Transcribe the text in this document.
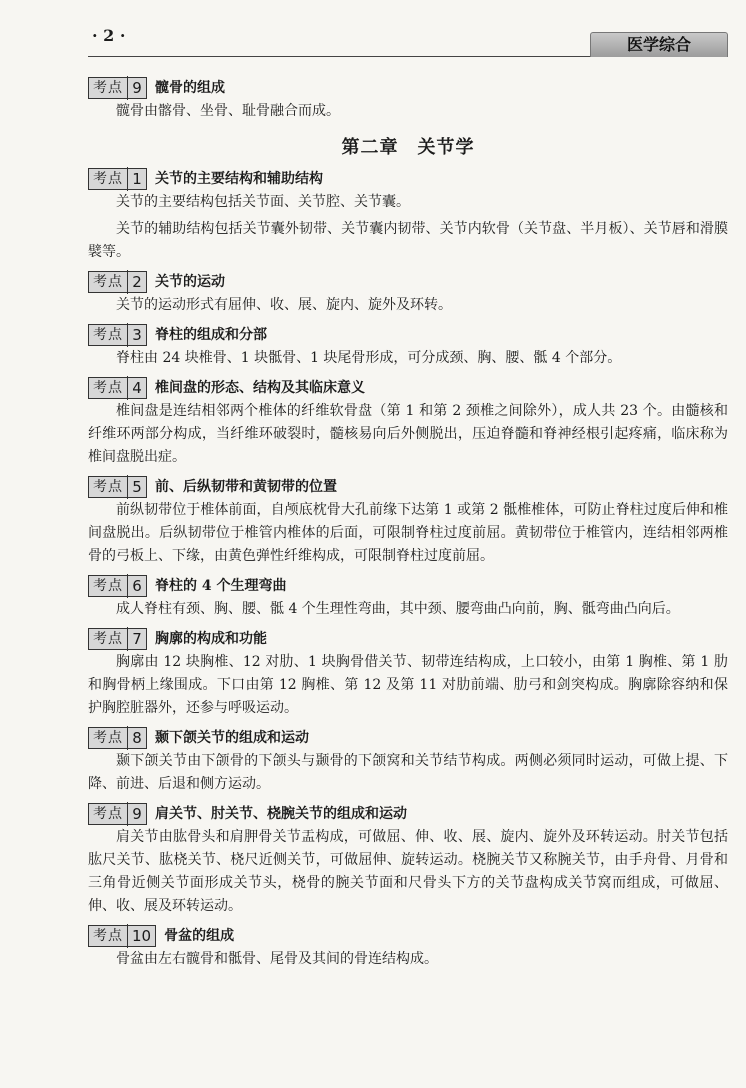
· 2 ·	医学综合
考点 9 髋骨的组成

髋骨由髂骨、坐骨、耻骨融合而成。

第二章　关节学
考点 1 关节的主要结构和辅助结构

关节的主要结构包括关节面、关节腔、关节囊。

关节的辅助结构包括关节囊外韧带、关节囊内韧带、关节内软骨（关节盘、半月板）、关节唇和滑膜襞等。

考点 2 关节的运动

关节的运动形式有屈伸、收、展、旋内、旋外及环转。

考点 3 脊柱的组成和分部

脊柱由 24 块椎骨、1 块骶骨、1 块尾骨形成，可分成颈、胸、腰、骶 4 个部分。

考点 4 椎间盘的形态、结构及其临床意义

椎间盘是连结相邻两个椎体的纤维软骨盘（第 1 和第 2 颈椎之间除外），成人共 23 个。由髓核和纤维环两部分构成，当纤维环破裂时，髓核易向后外侧脱出，压迫脊髓和脊神经根引起疼痛，临床称为椎间盘脱出症。

考点 5 前、后纵韧带和黄韧带的位置

前纵韧带位于椎体前面，自颅底枕骨大孔前缘下达第 1 或第 2 骶椎椎体，可防止脊柱过度后伸和椎间盘脱出。后纵韧带位于椎管内椎体的后面，可限制脊柱过度前屈。黄韧带位于椎管内，连结相邻两椎骨的弓板上、下缘，由黄色弹性纤维构成，可限制脊柱过度前屈。

考点 6 脊柱的 4 个生理弯曲

成人脊柱有颈、胸、腰、骶 4 个生理性弯曲，其中颈、腰弯曲凸向前，胸、骶弯曲凸向后。

考点 7 胸廓的构成和功能

胸廓由 12 块胸椎、12 对肋、1 块胸骨借关节、韧带连结构成，上口较小，由第 1 胸椎、第 1 肋和胸骨柄上缘围成。下口由第 12 胸椎、第 12 及第 11 对肋前端、肋弓和剑突构成。胸廓除容纳和保护胸腔脏器外，还参与呼吸运动。

考点 8 颞下颌关节的组成和运动

颞下颌关节由下颌骨的下颌头与颞骨的下颌窝和关节结节构成。两侧必须同时运动，可做上提、下降、前进、后退和侧方运动。

考点 9 肩关节、肘关节、桡腕关节的组成和运动

肩关节由肱骨头和肩胛骨关节盂构成，可做屈、伸、收、展、旋内、旋外及环转运动。肘关节包括肱尺关节、肱桡关节、桡尺近侧关节，可做屈伸、旋转运动。桡腕关节又称腕关节，由手舟骨、月骨和三角骨近侧关节面形成关节头，桡骨的腕关节面和尺骨头下方的关节盘构成关节窝而组成，可做屈、伸、收、展及环转运动。

考点 10 骨盆的组成

骨盆由左右髋骨和骶骨、尾骨及其间的骨连结构成。
